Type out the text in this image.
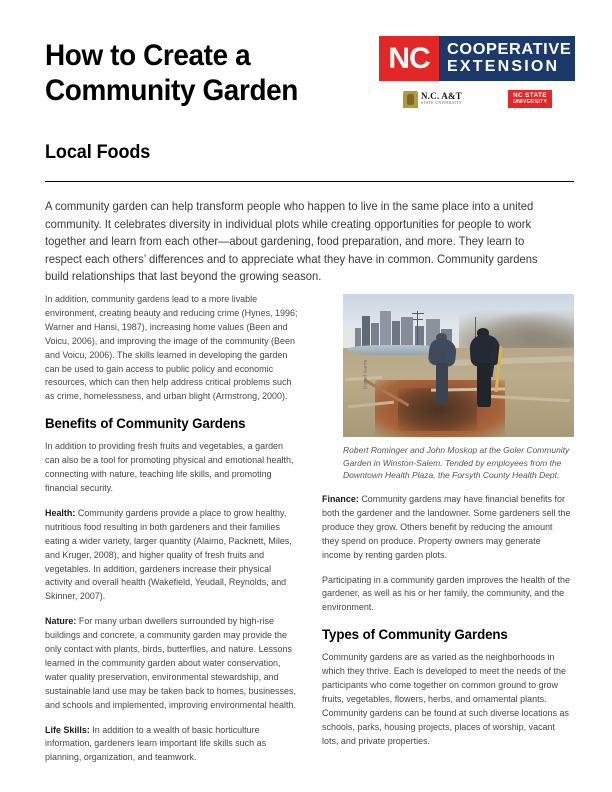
How to Create a
Community Garden
NC COOPERATIVE
EXTENSION
N.C. A&T
STATE UNIVERSITY
NC STATE
UNIVERSITY
Local Foods
A community garden can help transform people who happen to live in the same place into a united community. It celebrates diversity in individual plots while creating opportunities for people to work together and learn from each other—about gardening, food preparation, and more. They learn to respect each others’ differences and to appreciate what they have in common. Community gardens build relationships that last beyond the growing season.

In addition, community gardens lead to a more livable environment, creating beauty and reducing crime (Hynes, 1996; Warner and Hansi, 1987), increasing home values (Been and Voicu, 2006), and improving the image of the community (Been and Voicu, 2006). The skills learned in developing the garden can be used to gain access to public policy and economic resources, which can then help address critical problems such as crime, homelessness, and urban blight (Armstrong, 2000).

Benefits of Community Gardens

In addition to providing fresh fruits and vegetables, a garden can also be a tool for promoting physical and emotional health, connecting with nature, teaching life skills, and promoting financial security.

Health: Community gardens provide a place to grow healthy, nutritious food resulting in both gardeners and their families eating a wider variety, larger quantity (Alaimo, Packnett, Miles, and Kruger, 2008), and higher quality of fresh fruits and vegetables. In addition, gardeners increase their physical activity and overall health (Wakefield, Yeudall, Reynolds, and Skinner, 2007).

Nature: For many urban dwellers surrounded by high-rise buildings and concrete, a community garden may provide the only contact with plants, birds, butterflies, and nature. Lessons learned in the community garden about water conservation, water quality preservation, environmental stewardship, and sustainable land use may be taken back to homes, businesses, and schools and implemented, improving environmental health.

Life Skills: In addition to a wealth of basic horticulture information, gardeners learn important life skills such as planning, organization, and teamwork.

Daniel Garris
Robert Rominger and John Moskop at the Goler Community Garden in Winston-Salem. Tended by employees from the Downtown Health Plaza, the Forsyth County Health Dept.

Finance: Community gardens may have financial benefits for both the gardener and the landowner. Some gardeners sell the produce they grow. Others benefit by reducing the amount they spend on produce. Property owners may generate income by renting garden plots.

Participating in a community garden improves the health of the gardener, as well as his or her family, the community, and the environment.

Types of Community Gardens

Community gardens are as varied as the neighborhoods in which they thrive. Each is developed to meet the needs of the participants who come together on common ground to grow fruits, vegetables, flowers, herbs, and ornamental plants. Community gardens can be found at such diverse locations as schools, parks, housing projects, places of worship, vacant lots, and private properties.
